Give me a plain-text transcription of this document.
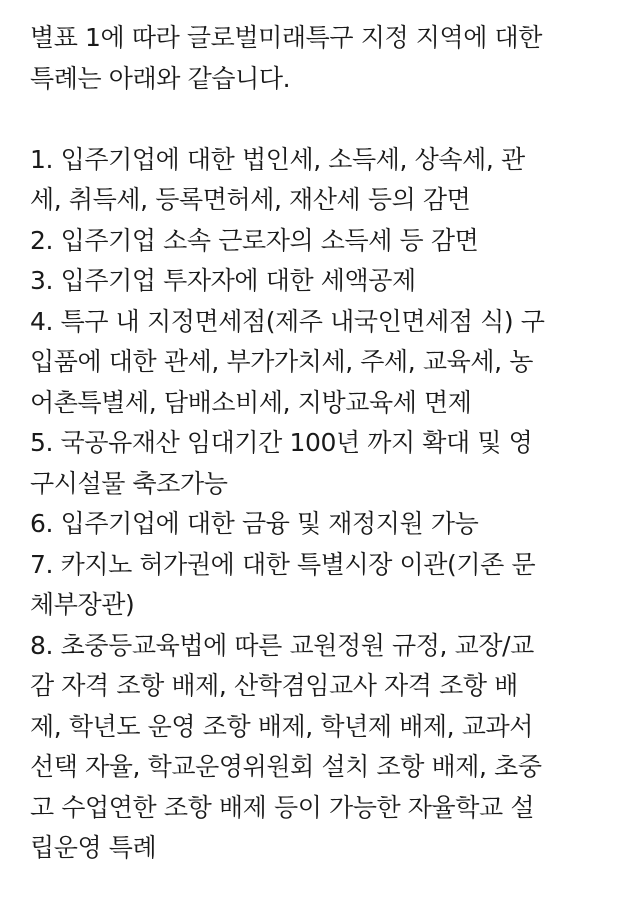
별표 1에 따라 글로벌미래특구 지정 지역에 대한
특례는 아래와 같습니다.
1. 입주기업에 대한 법인세, 소득세, 상속세, 관
세, 취득세, 등록면허세, 재산세 등의 감면
2. 입주기업 소속 근로자의 소득세 등 감면
3. 입주기업 투자자에 대한 세액공제
4. 특구 내 지정면세점(제주 내국인면세점 식) 구
입품에 대한 관세, 부가가치세, 주세, 교육세, 농
어촌특별세, 담배소비세, 지방교육세 면제
5. 국공유재산 임대기간 100년 까지 확대 및 영
구시설물 축조가능
6. 입주기업에 대한 금융 및 재정지원 가능
7. 카지노 허가권에 대한 특별시장 이관(기존 문
체부장관)
8. 초중등교육법에 따른 교원정원 규정, 교장/교
감 자격 조항 배제, 산학겸임교사 자격 조항 배
제, 학년도 운영 조항 배제, 학년제 배제, 교과서
선택 자율, 학교운영위원회 설치 조항 배제, 초중
고 수업연한 조항 배제 등이 가능한 자율학교 설
립운영 특례
